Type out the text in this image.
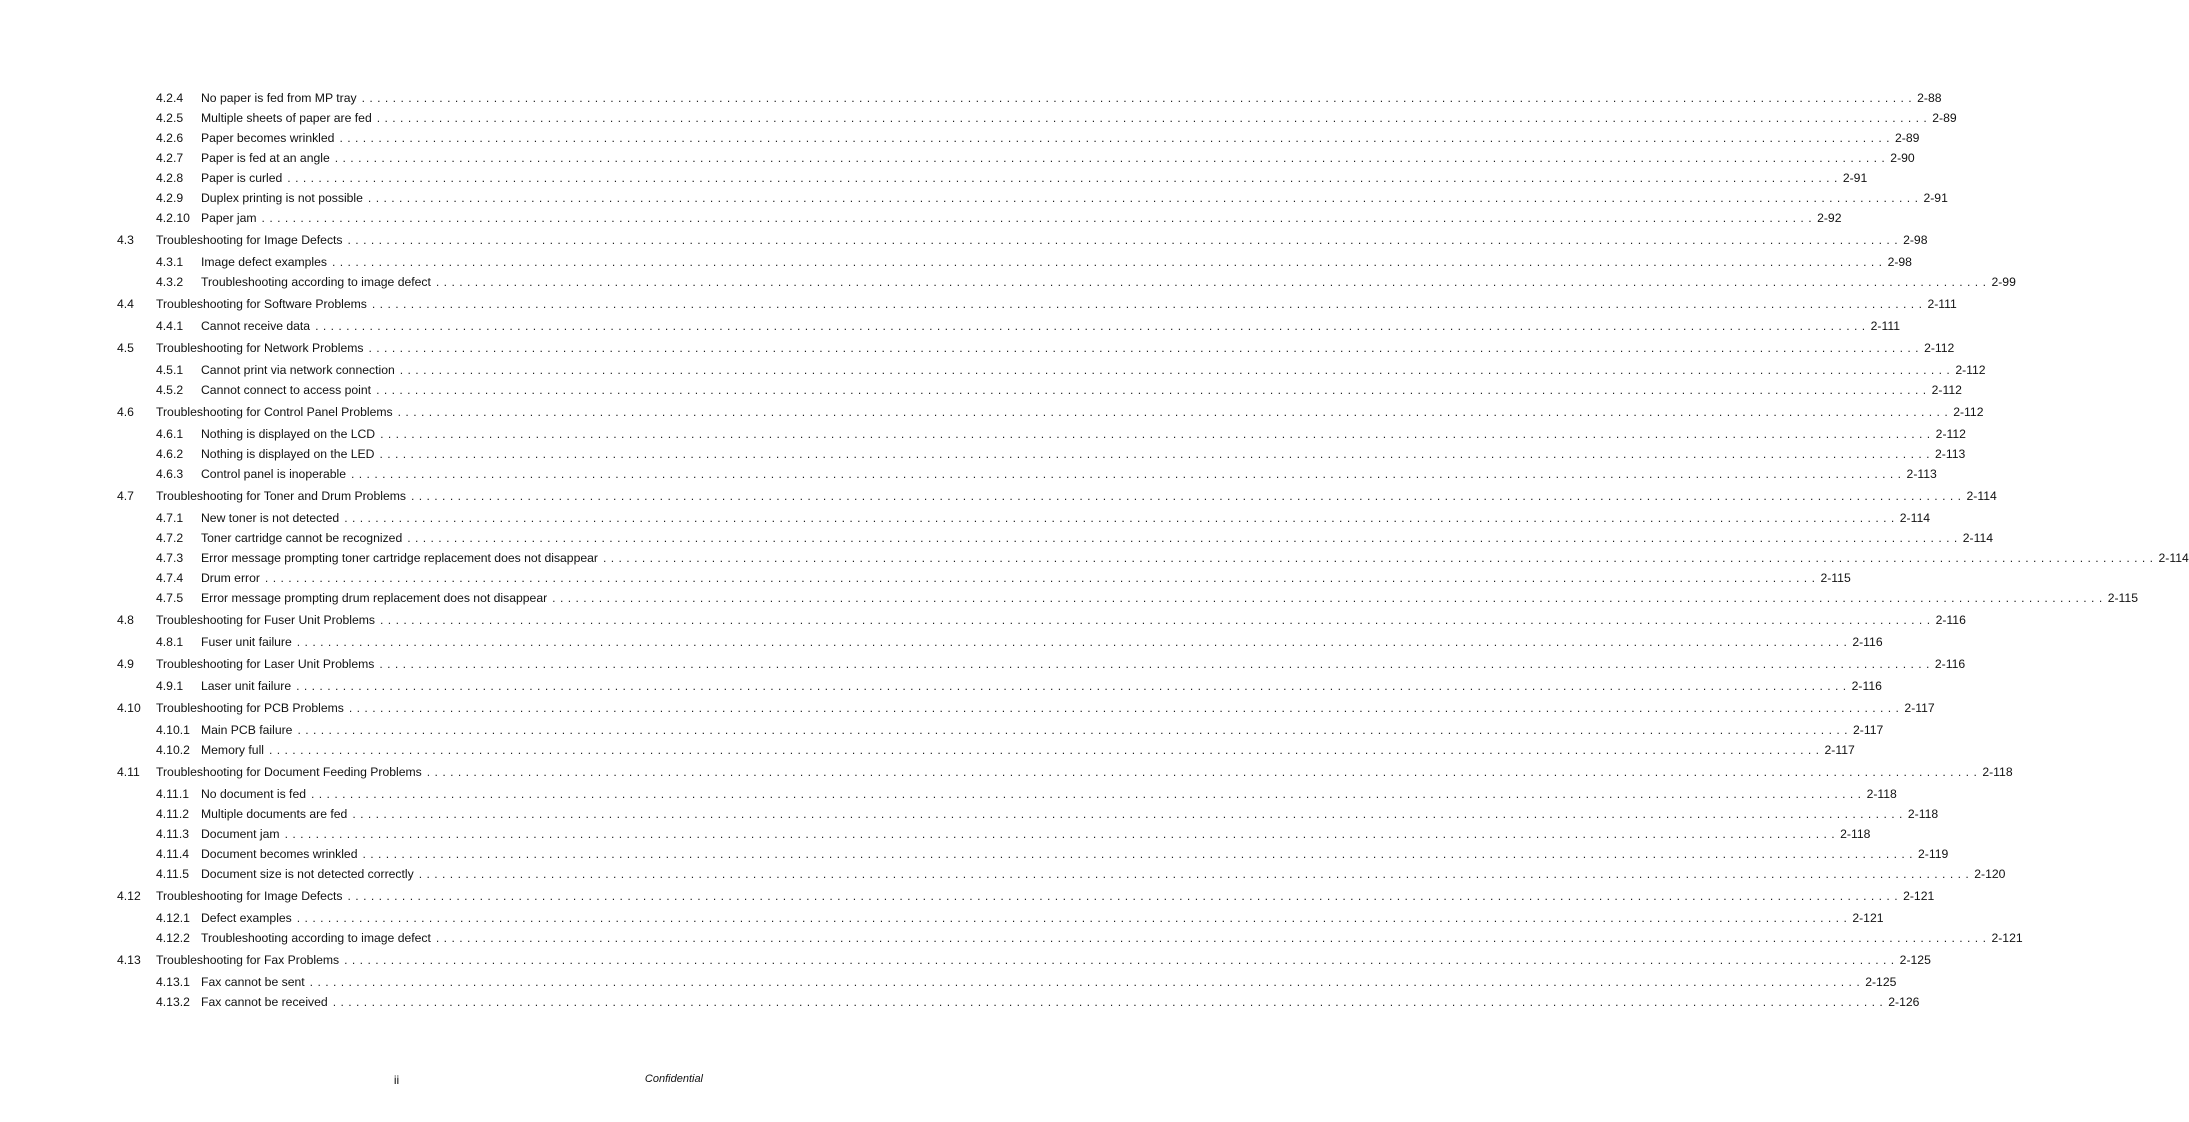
4.2.4 No paper is fed from MP tray . . . . . . . . . . . . . . . . . . . . . . . . . . . . . . . . . . . . . . . . . . . . . . . . . . . . . . . . . . . . . . . . . . . . . . . . . . . . . . . . . . . . . . . . . . . . . . . . . . . . . . . . . . . . . . . . . . . . . . . . . . . . . . . . . . . . . . . . . . . . . . . . . . . . . . . . . . . . . . . . . . . . . . . . . . . . . . . . . . . . . . . . . . . . . . . . . . . . . . . . 2-88
4.2.5 Multiple sheets of paper are fed . . . . . . . . . . . . . . . . . . . . . . . . . . . . . . . . . . . . . . . . . . . . . . . . . . . . . . . . . . . . . . . . . . . . . . . . . . . . . . . . . . . . . . . . . . . . . . . . . . . . . . . . . . . . . . . . . . . . . . . . . . . . . . . . . . . . . . . . . . . . . . . . . . . . . . . . . . . . . . . . . . . . . . . . . . . . . . . . . . . . . . . . . . . . . . . . . . . . . . . . 2-89
4.2.6 Paper becomes wrinkled . . . . . . . . . . . . . . . . . . . . . . . . . . . . . . . . . . . . . . . . . . . . . . . . . . . . . . . . . . . . . . . . . . . . . . . . . . . . . . . . . . . . . . . . . . . . . . . . . . . . . . . . . . . . . . . . . . . . . . . . . . . . . . . . . . . . . . . . . . . . . . . . . . . . . . . . . . . . . . . . . . . . . . . . . . . . . . . . . . . . . . . . . . . . . . . . . . . . . . . . 2-89
4.2.7 Paper is fed at an angle . . . . . . . . . . . . . . . . . . . . . . . . . . . . . . . . . . . . . . . . . . . . . . . . . . . . . . . . . . . . . . . . . . . . . . . . . . . . . . . . . . . . . . . . . . . . . . . . . . . . . . . . . . . . . . . . . . . . . . . . . . . . . . . . . . . . . . . . . . . . . . . . . . . . . . . . . . . . . . . . . . . . . . . . . . . . . . . . . . . . . . . . . . . . . . . . . . . . . . . . 2-90
4.2.8 Paper is curled . . . . . . . . . . . . . . . . . . . . . . . . . . . . . . . . . . . . . . . . . . . . . . . . . . . . . . . . . . . . . . . . . . . . . . . . . . . . . . . . . . . . . . . . . . . . . . . . . . . . . . . . . . . . . . . . . . . . . . . . . . . . . . . . . . . . . . . . . . . . . . . . . . . . . . . . . . . . . . . . . . . . . . . . . . . . . . . . . . . . . . . . . . . . . . . . . . . . . . . . 2-91
4.2.9 Duplex printing is not possible . . . . . . . . . . . . . . . . . . . . . . . . . . . . . . . . . . . . . . . . . . . . . . . . . . . . . . . . . . . . . . . . . . . . . . . . . . . . . . . . . . . . . . . . . . . . . . . . . . . . . . . . . . . . . . . . . . . . . . . . . . . . . . . . . . . . . . . . . . . . . . . . . . . . . . . . . . . . . . . . . . . . . . . . . . . . . . . . . . . . . . . . . . . . . . . . . . . . . . . . 2-91
4.2.10 Paper jam . . . . . . . . . . . . . . . . . . . . . . . . . . . . . . . . . . . . . . . . . . . . . . . . . . . . . . . . . . . . . . . . . . . . . . . . . . . . . . . . . . . . . . . . . . . . . . . . . . . . . . . . . . . . . . . . . . . . . . . . . . . . . . . . . . . . . . . . . . . . . . . . . . . . . . . . . . . . . . . . . . . . . . . . . . . . . . . . . . . . . . . . . . . . . . . . . . . . . . . . 2-92
4.3 Troubleshooting for Image Defects . . . . . . . . . . . . . . . . . . . . . . . . . . . . . . . . . . . . . . . . . . . . . . . . . . . . . . . . . . . . . . . . . . . . . . . . . . . . . . . . . . . . . . . . . . . . . . . . . . . . . . . . . . . . . . . . . . . . . . . . . . . . . . . . . . . . . . . . . . . . . . . . . . . . . . . . . . . . . . . . . . . . . . . . . . . . . . . . . . . . . . . . . . . . . . . . . . . . . . . . 2-98
4.3.1 Image defect examples . . . . . . . . . . . . . . . . . . . . . . . . . . . . . . . . . . . . . . . . . . . . . . . . . . . . . . . . . . . . . . . . . . . . . . . . . . . . . . . . . . . . . . . . . . . . . . . . . . . . . . . . . . . . . . . . . . . . . . . . . . . . . . . . . . . . . . . . . . . . . . . . . . . . . . . . . . . . . . . . . . . . . . . . . . . . . . . . . . . . . . . . . . . . . . . . . . . . . . . . 2-98
4.3.2 Troubleshooting according to image defect . . . . . . . . . . . . . . . . . . . . . . . . . . . . . . . . . . . . . . . . . . . . . . . . . . . . . . . . . . . . . . . . . . . . . . . . . . . . . . . . . . . . . . . . . . . . . . . . . . . . . . . . . . . . . . . . . . . . . . . . . . . . . . . . . . . . . . . . . . . . . . . . . . . . . . . . . . . . . . . . . . . . . . . . . . . . . . . . . . . . . . . . . . . . . . . . . . . . . . . . 2-99
4.4 Troubleshooting for Software Problems . . . . . . . . . . . . . . . . . . . . . . . . . . . . . . . . . . . . . . . . . . . . . . . . . . . . . . . . . . . . . . . . . . . . . . . . . . . . . . . . . . . . . . . . . . . . . . . . . . . . . . . . . . . . . . . . . . . . . . . . . . . . . . . . . . . . . . . . . . . . . . . . . . . . . . . . . . . . . . . . . . . . . . . . . . . . . . . . . . . . . . . . . . . . . . . . . . . . . . . . 2-111
4.4.1 Cannot receive data . . . . . . . . . . . . . . . . . . . . . . . . . . . . . . . . . . . . . . . . . . . . . . . . . . . . . . . . . . . . . . . . . . . . . . . . . . . . . . . . . . . . . . . . . . . . . . . . . . . . . . . . . . . . . . . . . . . . . . . . . . . . . . . . . . . . . . . . . . . . . . . . . . . . . . . . . . . . . . . . . . . . . . . . . . . . . . . . . . . . . . . . . . . . . . . . . . . . . . . . 2-111
4.5 Troubleshooting for Network Problems . . . . . . . . . . . . . . . . . . . . . . . . . . . . . . . . . . . . . . . . . . . . . . . . . . . . . . . . . . . . . . . . . . . . . . . . . . . . . . . . . . . . . . . . . . . . . . . . . . . . . . . . . . . . . . . . . . . . . . . . . . . . . . . . . . . . . . . . . . . . . . . . . . . . . . . . . . . . . . . . . . . . . . . . . . . . . . . . . . . . . . . . . . . . . . . . . . . . . . . . 2-112
4.5.1 Cannot print via network connection . . . . . . . . . . . . . . . . . . . . . . . . . . . . . . . . . . . . . . . . . . . . . . . . . . . . . . . . . . . . . . . . . . . . . . . . . . . . . . . . . . . . . . . . . . . . . . . . . . . . . . . . . . . . . . . . . . . . . . . . . . . . . . . . . . . . . . . . . . . . . . . . . . . . . . . . . . . . . . . . . . . . . . . . . . . . . . . . . . . . . . . . . . . . . . . . . . . . . . . . 2-112
4.5.2 Cannot connect to access point . . . . . . . . . . . . . . . . . . . . . . . . . . . . . . . . . . . . . . . . . . . . . . . . . . . . . . . . . . . . . . . . . . . . . . . . . . . . . . . . . . . . . . . . . . . . . . . . . . . . . . . . . . . . . . . . . . . . . . . . . . . . . . . . . . . . . . . . . . . . . . . . . . . . . . . . . . . . . . . . . . . . . . . . . . . . . . . . . . . . . . . . . . . . . . . . . . . . . . . . 2-112
4.6 Troubleshooting for Control Panel Problems . . . . . . . . . . . . . . . . . . . . . . . . . . . . . . . . . . . . . . . . . . . . . . . . . . . . . . . . . . . . . . . . . . . . . . . . . . . . . . . . . . . . . . . . . . . . . . . . . . . . . . . . . . . . . . . . . . . . . . . . . . . . . . . . . . . . . . . . . . . . . . . . . . . . . . . . . . . . . . . . . . . . . . . . . . . . . . . . . . . . . . . . . . . . . . . . . . . . . . . . 2-112
4.6.1 Nothing is displayed on the LCD . . . . . . . . . . . . . . . . . . . . . . . . . . . . . . . . . . . . . . . . . . . . . . . . . . . . . . . . . . . . . . . . . . . . . . . . . . . . . . . . . . . . . . . . . . . . . . . . . . . . . . . . . . . . . . . . . . . . . . . . . . . . . . . . . . . . . . . . . . . . . . . . . . . . . . . . . . . . . . . . . . . . . . . . . . . . . . . . . . . . . . . . . . . . . . . . . . . . . . . . 2-112
4.6.2 Nothing is displayed on the LED . . . . . . . . . . . . . . . . . . . . . . . . . . . . . . . . . . . . . . . . . . . . . . . . . . . . . . . . . . . . . . . . . . . . . . . . . . . . . . . . . . . . . . . . . . . . . . . . . . . . . . . . . . . . . . . . . . . . . . . . . . . . . . . . . . . . . . . . . . . . . . . . . . . . . . . . . . . . . . . . . . . . . . . . . . . . . . . . . . . . . . . . . . . . . . . . . . . . . . . . 2-113
4.6.3 Control panel is inoperable . . . . . . . . . . . . . . . . . . . . . . . . . . . . . . . . . . . . . . . . . . . . . . . . . . . . . . . . . . . . . . . . . . . . . . . . . . . . . . . . . . . . . . . . . . . . . . . . . . . . . . . . . . . . . . . . . . . . . . . . . . . . . . . . . . . . . . . . . . . . . . . . . . . . . . . . . . . . . . . . . . . . . . . . . . . . . . . . . . . . . . . . . . . . . . . . . . . . . . . . 2-113
4.7 Troubleshooting for Toner and Drum Problems . . . . . . . . . . . . . . . . . . . . . . . . . . . . . . . . . . . . . . . . . . . . . . . . . . . . . . . . . . . . . . . . . . . . . . . . . . . . . . . . . . . . . . . . . . . . . . . . . . . . . . . . . . . . . . . . . . . . . . . . . . . . . . . . . . . . . . . . . . . . . . . . . . . . . . . . . . . . . . . . . . . . . . . . . . . . . . . . . . . . . . . . . . . . . . . . . . . . . . . . 2-114
4.7.1 New toner is not detected . . . . . . . . . . . . . . . . . . . . . . . . . . . . . . . . . . . . . . . . . . . . . . . . . . . . . . . . . . . . . . . . . . . . . . . . . . . . . . . . . . . . . . . . . . . . . . . . . . . . . . . . . . . . . . . . . . . . . . . . . . . . . . . . . . . . . . . . . . . . . . . . . . . . . . . . . . . . . . . . . . . . . . . . . . . . . . . . . . . . . . . . . . . . . . . . . . . . . . . . 2-114
4.7.2 Toner cartridge cannot be recognized . . . . . . . . . . . . . . . . . . . . . . . . . . . . . . . . . . . . . . . . . . . . . . . . . . . . . . . . . . . . . . . . . . . . . . . . . . . . . . . . . . . . . . . . . . . . . . . . . . . . . . . . . . . . . . . . . . . . . . . . . . . . . . . . . . . . . . . . . . . . . . . . . . . . . . . . . . . . . . . . . . . . . . . . . . . . . . . . . . . . . . . . . . . . . . . . . . . . . . . . 2-114
4.7.3 Error message prompting toner cartridge replacement does not disappear . . . . . . . . . . . . . . . . . . . . . . . . . . . . . . . . . . . . . . . . . . . . . . . . . . . . . . . . . . . . . . . . . . . . . . . . . . . . . . . . . . . . . . . . . . . . . . . . . . . . . . . . . . . . . . . . . . . . . . . . . . . . . . . . . . . . . . . . . . . . . . . . . . . . . . . . . . . . . . . . . . . . . . . . . . . . . . . . . . . . . . . . . . . . . . . . . . . . . . . . 2-114
4.7.4 Drum error . . . . . . . . . . . . . . . . . . . . . . . . . . . . . . . . . . . . . . . . . . . . . . . . . . . . . . . . . . . . . . . . . . . . . . . . . . . . . . . . . . . . . . . . . . . . . . . . . . . . . . . . . . . . . . . . . . . . . . . . . . . . . . . . . . . . . . . . . . . . . . . . . . . . . . . . . . . . . . . . . . . . . . . . . . . . . . . . . . . . . . . . . . . . . . . . . . . . . . . . 2-115
4.7.5 Error message prompting drum replacement does not disappear . . . . . . . . . . . . . . . . . . . . . . . . . . . . . . . . . . . . . . . . . . . . . . . . . . . . . . . . . . . . . . . . . . . . . . . . . . . . . . . . . . . . . . . . . . . . . . . . . . . . . . . . . . . . . . . . . . . . . . . . . . . . . . . . . . . . . . . . . . . . . . . . . . . . . . . . . . . . . . . . . . . . . . . . . . . . . . . . . . . . . . . . . . . . . . . . . . . . . . . . 2-115
4.8 Troubleshooting for Fuser Unit Problems . . . . . . . . . . . . . . . . . . . . . . . . . . . . . . . . . . . . . . . . . . . . . . . . . . . . . . . . . . . . . . . . . . . . . . . . . . . . . . . . . . . . . . . . . . . . . . . . . . . . . . . . . . . . . . . . . . . . . . . . . . . . . . . . . . . . . . . . . . . . . . . . . . . . . . . . . . . . . . . . . . . . . . . . . . . . . . . . . . . . . . . . . . . . . . . . . . . . . . . . 2-116
4.8.1 Fuser unit failure . . . . . . . . . . . . . . . . . . . . . . . . . . . . . . . . . . . . . . . . . . . . . . . . . . . . . . . . . . . . . . . . . . . . . . . . . . . . . . . . . . . . . . . . . . . . . . . . . . . . . . . . . . . . . . . . . . . . . . . . . . . . . . . . . . . . . . . . . . . . . . . . . . . . . . . . . . . . . . . . . . . . . . . . . . . . . . . . . . . . . . . . . . . . . . . . . . . . . . . . 2-116
4.9 Troubleshooting for Laser Unit Problems . . . . . . . . . . . . . . . . . . . . . . . . . . . . . . . . . . . . . . . . . . . . . . . . . . . . . . . . . . . . . . . . . . . . . . . . . . . . . . . . . . . . . . . . . . . . . . . . . . . . . . . . . . . . . . . . . . . . . . . . . . . . . . . . . . . . . . . . . . . . . . . . . . . . . . . . . . . . . . . . . . . . . . . . . . . . . . . . . . . . . . . . . . . . . . . . . . . . . . . . 2-116
4.9.1 Laser unit failure . . . . . . . . . . . . . . . . . . . . . . . . . . . . . . . . . . . . . . . . . . . . . . . . . . . . . . . . . . . . . . . . . . . . . . . . . . . . . . . . . . . . . . . . . . . . . . . . . . . . . . . . . . . . . . . . . . . . . . . . . . . . . . . . . . . . . . . . . . . . . . . . . . . . . . . . . . . . . . . . . . . . . . . . . . . . . . . . . . . . . . . . . . . . . . . . . . . . . . . . 2-116
4.10 Troubleshooting for PCB Problems . . . . . . . . . . . . . . . . . . . . . . . . . . . . . . . . . . . . . . . . . . . . . . . . . . . . . . . . . . . . . . . . . . . . . . . . . . . . . . . . . . . . . . . . . . . . . . . . . . . . . . . . . . . . . . . . . . . . . . . . . . . . . . . . . . . . . . . . . . . . . . . . . . . . . . . . . . . . . . . . . . . . . . . . . . . . . . . . . . . . . . . . . . . . . . . . . . . . . . . . 2-117
4.10.1 Main PCB failure . . . . . . . . . . . . . . . . . . . . . . . . . . . . . . . . . . . . . . . . . . . . . . . . . . . . . . . . . . . . . . . . . . . . . . . . . . . . . . . . . . . . . . . . . . . . . . . . . . . . . . . . . . . . . . . . . . . . . . . . . . . . . . . . . . . . . . . . . . . . . . . . . . . . . . . . . . . . . . . . . . . . . . . . . . . . . . . . . . . . . . . . . . . . . . . . . . . . . . . . 2-117
4.10.2 Memory full . . . . . . . . . . . . . . . . . . . . . . . . . . . . . . . . . . . . . . . . . . . . . . . . . . . . . . . . . . . . . . . . . . . . . . . . . . . . . . . . . . . . . . . . . . . . . . . . . . . . . . . . . . . . . . . . . . . . . . . . . . . . . . . . . . . . . . . . . . . . . . . . . . . . . . . . . . . . . . . . . . . . . . . . . . . . . . . . . . . . . . . . . . . . . . . . . . . . . . . . 2-117
4.11 Troubleshooting for Document Feeding Problems . . . . . . . . . . . . . . . . . . . . . . . . . . . . . . . . . . . . . . . . . . . . . . . . . . . . . . . . . . . . . . . . . . . . . . . . . . . . . . . . . . . . . . . . . . . . . . . . . . . . . . . . . . . . . . . . . . . . . . . . . . . . . . . . . . . . . . . . . . . . . . . . . . . . . . . . . . . . . . . . . . . . . . . . . . . . . . . . . . . . . . . . . . . . . . . . . . . . . . . . 2-118
4.11.1 No document is fed . . . . . . . . . . . . . . . . . . . . . . . . . . . . . . . . . . . . . . . . . . . . . . . . . . . . . . . . . . . . . . . . . . . . . . . . . . . . . . . . . . . . . . . . . . . . . . . . . . . . . . . . . . . . . . . . . . . . . . . . . . . . . . . . . . . . . . . . . . . . . . . . . . . . . . . . . . . . . . . . . . . . . . . . . . . . . . . . . . . . . . . . . . . . . . . . . . . . . . . . 2-118
4.11.2 Multiple documents are fed . . . . . . . . . . . . . . . . . . . . . . . . . . . . . . . . . . . . . . . . . . . . . . . . . . . . . . . . . . . . . . . . . . . . . . . . . . . . . . . . . . . . . . . . . . . . . . . . . . . . . . . . . . . . . . . . . . . . . . . . . . . . . . . . . . . . . . . . . . . . . . . . . . . . . . . . . . . . . . . . . . . . . . . . . . . . . . . . . . . . . . . . . . . . . . . . . . . . . . . . 2-118
4.11.3 Document jam . . . . . . . . . . . . . . . . . . . . . . . . . . . . . . . . . . . . . . . . . . . . . . . . . . . . . . . . . . . . . . . . . . . . . . . . . . . . . . . . . . . . . . . . . . . . . . . . . . . . . . . . . . . . . . . . . . . . . . . . . . . . . . . . . . . . . . . . . . . . . . . . . . . . . . . . . . . . . . . . . . . . . . . . . . . . . . . . . . . . . . . . . . . . . . . . . . . . . . . . 2-118
4.11.4 Document becomes wrinkled . . . . . . . . . . . . . . . . . . . . . . . . . . . . . . . . . . . . . . . . . . . . . . . . . . . . . . . . . . . . . . . . . . . . . . . . . . . . . . . . . . . . . . . . . . . . . . . . . . . . . . . . . . . . . . . . . . . . . . . . . . . . . . . . . . . . . . . . . . . . . . . . . . . . . . . . . . . . . . . . . . . . . . . . . . . . . . . . . . . . . . . . . . . . . . . . . . . . . . . . 2-119
4.11.5 Document size is not detected correctly . . . . . . . . . . . . . . . . . . . . . . . . . . . . . . . . . . . . . . . . . . . . . . . . . . . . . . . . . . . . . . . . . . . . . . . . . . . . . . . . . . . . . . . . . . . . . . . . . . . . . . . . . . . . . . . . . . . . . . . . . . . . . . . . . . . . . . . . . . . . . . . . . . . . . . . . . . . . . . . . . . . . . . . . . . . . . . . . . . . . . . . . . . . . . . . . . . . . . . . . 2-120
4.12 Troubleshooting for Image Defects . . . . . . . . . . . . . . . . . . . . . . . . . . . . . . . . . . . . . . . . . . . . . . . . . . . . . . . . . . . . . . . . . . . . . . . . . . . . . . . . . . . . . . . . . . . . . . . . . . . . . . . . . . . . . . . . . . . . . . . . . . . . . . . . . . . . . . . . . . . . . . . . . . . . . . . . . . . . . . . . . . . . . . . . . . . . . . . . . . . . . . . . . . . . . . . . . . . . . . . . 2-121
4.12.1 Defect examples . . . . . . . . . . . . . . . . . . . . . . . . . . . . . . . . . . . . . . . . . . . . . . . . . . . . . . . . . . . . . . . . . . . . . . . . . . . . . . . . . . . . . . . . . . . . . . . . . . . . . . . . . . . . . . . . . . . . . . . . . . . . . . . . . . . . . . . . . . . . . . . . . . . . . . . . . . . . . . . . . . . . . . . . . . . . . . . . . . . . . . . . . . . . . . . . . . . . . . . . 2-121
4.12.2 Troubleshooting according to image defect . . . . . . . . . . . . . . . . . . . . . . . . . . . . . . . . . . . . . . . . . . . . . . . . . . . . . . . . . . . . . . . . . . . . . . . . . . . . . . . . . . . . . . . . . . . . . . . . . . . . . . . . . . . . . . . . . . . . . . . . . . . . . . . . . . . . . . . . . . . . . . . . . . . . . . . . . . . . . . . . . . . . . . . . . . . . . . . . . . . . . . . . . . . . . . . . . . . . . . . . 2-121
4.13 Troubleshooting for Fax Problems . . . . . . . . . . . . . . . . . . . . . . . . . . . . . . . . . . . . . . . . . . . . . . . . . . . . . . . . . . . . . . . . . . . . . . . . . . . . . . . . . . . . . . . . . . . . . . . . . . . . . . . . . . . . . . . . . . . . . . . . . . . . . . . . . . . . . . . . . . . . . . . . . . . . . . . . . . . . . . . . . . . . . . . . . . . . . . . . . . . . . . . . . . . . . . . . . . . . . . . . 2-125
4.13.1 Fax cannot be sent . . . . . . . . . . . . . . . . . . . . . . . . . . . . . . . . . . . . . . . . . . . . . . . . . . . . . . . . . . . . . . . . . . . . . . . . . . . . . . . . . . . . . . . . . . . . . . . . . . . . . . . . . . . . . . . . . . . . . . . . . . . . . . . . . . . . . . . . . . . . . . . . . . . . . . . . . . . . . . . . . . . . . . . . . . . . . . . . . . . . . . . . . . . . . . . . . . . . . . . . 2-125
4.13.2 Fax cannot be received . . . . . . . . . . . . . . . . . . . . . . . . . . . . . . . . . . . . . . . . . . . . . . . . . . . . . . . . . . . . . . . . . . . . . . . . . . . . . . . . . . . . . . . . . . . . . . . . . . . . . . . . . . . . . . . . . . . . . . . . . . . . . . . . . . . . . . . . . . . . . . . . . . . . . . . . . . . . . . . . . . . . . . . . . . . . . . . . . . . . . . . . . . . . . . . . . . . . . . . . 2-126
ii	Confidential
